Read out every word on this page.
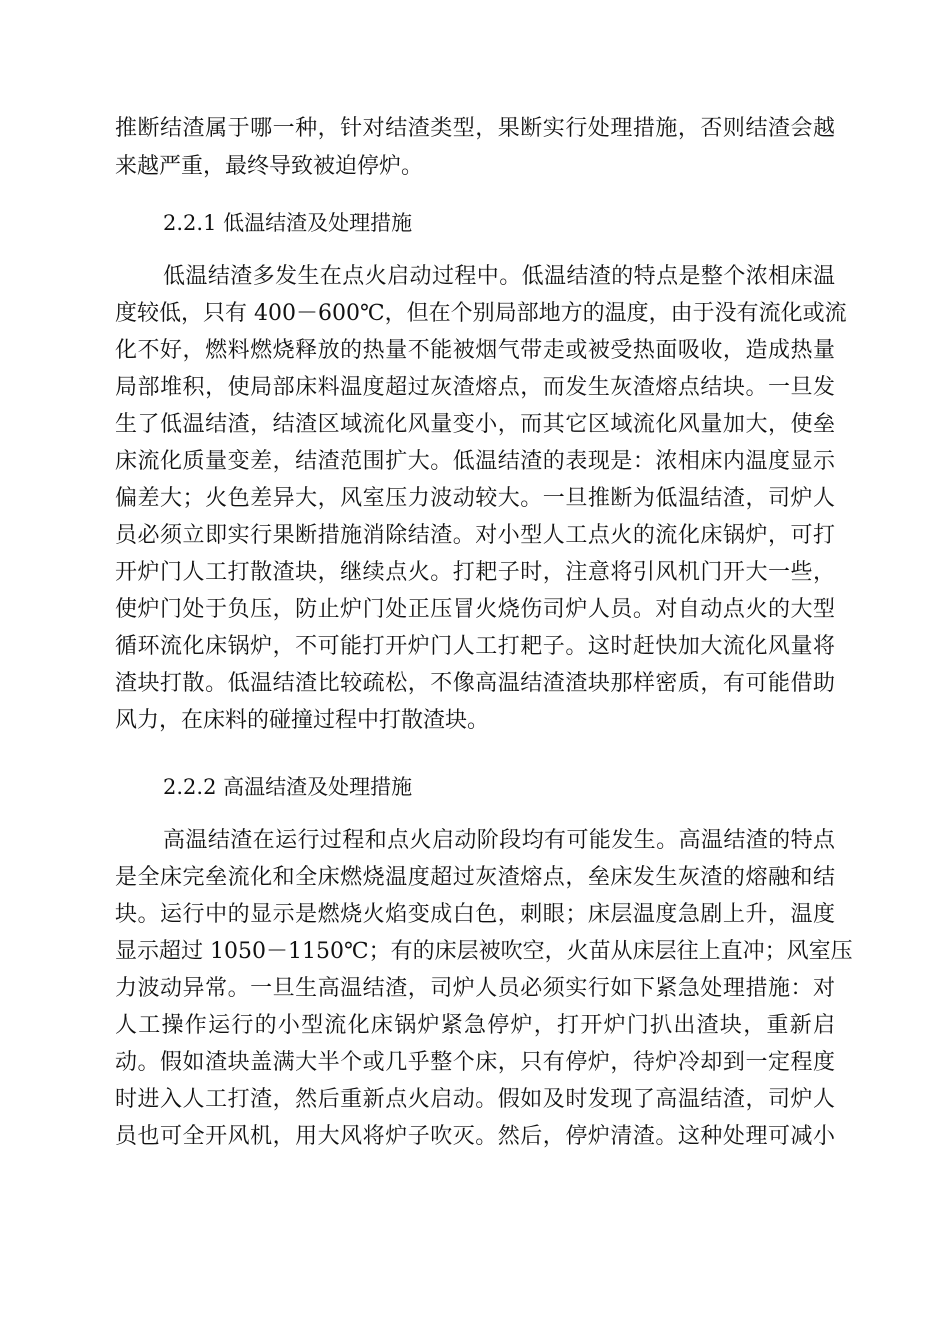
推断结渣属于哪一种，针对结渣类型，果断实行处理措施，否则结渣会越
来越严重，最终导致被迫停炉。
2.2.1 低温结渣及处理措施
低温结渣多发生在点火启动过程中。低温结渣的特点是整个浓相床温
度较低，只有 400－600℃，但在个别局部地方的温度，由于没有流化或流
化不好，燃料燃烧释放的热量不能被烟气带走或被受热面吸收，造成热量
局部堆积，使局部床料温度超过灰渣熔点，而发生灰渣熔点结块。一旦发
生了低温结渣，结渣区域流化风量变小，而其它区域流化风量加大，使垒
床流化质量变差，结渣范围扩大。低温结渣的表现是：浓相床内温度显示
偏差大；火色差异大，风室压力波动较大。一旦推断为低温结渣，司炉人
员必须立即实行果断措施消除结渣。对小型人工点火的流化床锅炉，可打
开炉门人工打散渣块，继续点火。打耙子时，注意将引风机门开大一些，
使炉门处于负压，防止炉门处正压冒火烧伤司炉人员。对自动点火的大型
循环流化床锅炉，不可能打开炉门人工打耙子。这时赶快加大流化风量将
渣块打散。低温结渣比较疏松，不像高温结渣渣块那样密质，有可能借助
风力，在床料的碰撞过程中打散渣块。
2.2.2 高温结渣及处理措施
高温结渣在运行过程和点火启动阶段均有可能发生。高温结渣的特点
是全床完垒流化和全床燃烧温度超过灰渣熔点，垒床发生灰渣的熔融和结
块。运行中的显示是燃烧火焰变成白色，刺眼；床层温度急剧上升，温度
显示超过 1050－1150℃；有的床层被吹空，火苗从床层往上直冲；风室压
力波动异常。一旦生高温结渣，司炉人员必须实行如下紧急处理措施：对
人工操作运行的小型流化床锅炉紧急停炉，打开炉门扒出渣块，重新启
动。假如渣块盖满大半个或几乎整个床，只有停炉，待炉冷却到一定程度
时进入人工打渣，然后重新点火启动。假如及时发现了高温结渣，司炉人
员也可全开风机，用大风将炉子吹灭。然后，停炉清渣。这种处理可减小
